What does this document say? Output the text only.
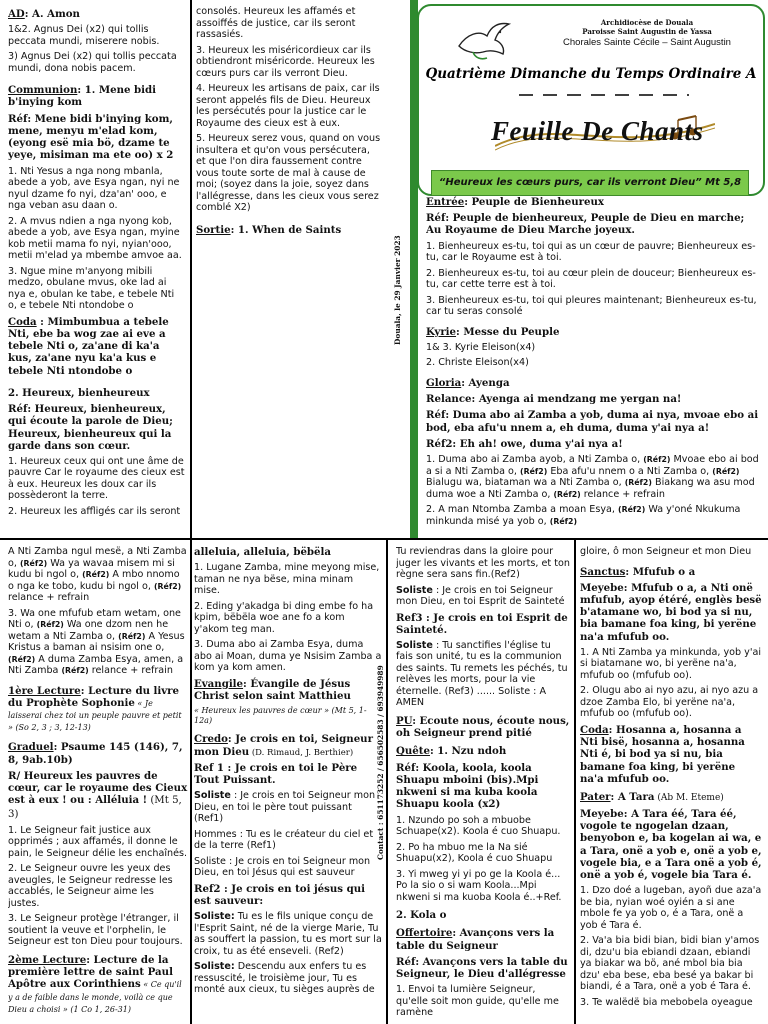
AD: A. Amon

1&2. Agnus Dei (x2) qui tollis peccata mundi, miserere nobis.

3) Agnus Dei (x2) qui tollis peccata mundi, dona nobis pacem.

Communion: 1. Mene bidi b'inying kom

Réf: Mene bidi b'inying kom, mene, menyu m'elad kom, (eyong esë mia bö, dzame te yeye, misiman ma ete oo) x 2

1. Nti Yesus a nga nong mbanla, abede a yob, ave Esya ngan, nyi ne nyul dzame fo nyi, dza'an' ooo, e nga veban asu daan o.

2. A mvus ndien a nga nyong kob, abede a yob, ave Esya ngan, myine kob metii mama fo nyi, nyian'ooo, metii m'elad ya mbembe amvoe aa.

3. Ngue mine m'anyong mibili medzo, obulane mvus, oke lad ai nya e, obulan ke tabe, e tebele Nti o, e tebele Nti ntondobe o

Coda : Mimbumbua a tebele Nti, ebe ba wog zae ai eve a tebele Nti o, za'ane di ka'a kus, za'ane nyu ka'a kus e tebele Nti ntondobe o

2. Heureux, bienheureux

Réf: Heureux, bienheureux, qui écoute la parole de Dieu; Heureux, bienheureux qui la garde dans son cœur.

1. Heureux ceux qui ont une âme de pauvre Car le royaume des cieux est à eux. Heureux les doux car ils possèderont la terre.

2. Heureux les affligés car ils seront

consolés. Heureux les affamés et assoiffés de justice, car ils seront rassasiés.

3. Heureux les miséricordieux car ils obtiendront miséricorde. Heureux les cœurs purs car ils verront Dieu.

4. Heureux les artisans de paix, car ils seront appelés fils de Dieu. Heureux les persécutés pour la justice car le Royaume des cieux est à eux.

5. Heureux serez vous, quand on vous insultera et qu'on vous persécutera, et que l'on dira faussement contre vous toute sorte de mal à cause de moi; (soyez dans la joie, soyez dans l'allégresse, dans les cieux vous serez comblé X2)

Sortie: 1. When de Saints

Archidiocèse de Douala
Paroisse Saint Augustin de Yassa
Chorales Sainte Cécile – Saint Augustin
Quatrième Dimanche du Temps Ordinaire A
Feuille De Chants
“Heureux les cœurs purs, car ils verront Dieu” Mt 5,8
Douala, le 29 Janvier 2023

Entrée: Peuple de Bienheureux

Réf: Peuple de bienheureux, Peuple de Dieu en marche; Au Royaume de Dieu Marche joyeux.

1. Bienheureux es-tu, toi qui as un cœur de pauvre; Bienheureux es-tu, car le Royaume est à toi.

2. Bienheureux es-tu, toi au cœur plein de douceur; Bienheureux es-tu, car cette terre est à toi.

3. Bienheureux es-tu, toi qui pleures maintenant; Bienheureux es-tu, car tu seras consolé

Kyrie: Messe du Peuple

1& 3. Kyrie Eleison(x4)

2. Christe Eleison(x4)

Gloria: Ayenga

Relance: Ayenga ai mendzang me yergan na!

Réf: Duma abo ai Zamba a yob, duma ai nya, mvoae ebo ai bod, eba afu'u nnem a, eh duma, duma y'ai nya a!

Réf2: Eh ah! owe, duma y'ai nya a!

1. Duma abo ai Zamba ayob, a Nti Zamba o, (Réf2) Mvoae ebo ai bod a si a Nti Zamba o, (Réf2) Eba afu'u nnem o a Nti Zamba o, (Réf2) Bialugu wa, biataman wa a Nti Zamba o, (Réf2) Biakang wa asu mod duma woe a Nti Zamba o, (Réf2) relance + refrain

2. A man Ntomba Zamba a moan Esya, (Réf2) Wa y'oné Nkukuma minkunda misé ya yob o, (Réf2)

A Nti Zamba ngul mesë, a Nti Zamba o, (Réf2) Wa ya wavaa misem mi si kudu bi ngol o, (Réf2) A mbo nnomo o nga ke tobo, kudu bi ngol o, (Réf2) relance + refrain

3. Wa one mfufub etam wetam, one Nti o, (Réf2) Wa one dzom nen he wetam a Nti Zamba o, (Réf2) A Yesus Kristus a baman ai nsisim one o, (Réf2) A duma Zamba Esya, amen, a Nti Zamba (Réf2) relance + refrain

1ère Lecture: Lecture du livre du Prophète Sophonie « Je laisserai chez toi un peuple pauvre et petit » (So 2, 3 ; 3, 12-13)

Graduel: Psaume 145 (146), 7, 8, 9ab.10b)

R/ Heureux les pauvres de cœur, car le royaume des Cieux est à eux ! ou : Alléluia ! (Mt 5, 3)

1. Le Seigneur fait justice aux opprimés ; aux affamés, il donne le pain, le Seigneur délie les enchaînés.

2. Le Seigneur ouvre les yeux des aveugles, le Seigneur redresse les accablés, le Seigneur aime les justes.

3. Le Seigneur protège l'étranger, il soutient la veuve et l'orphelin, le Seigneur est ton Dieu pour toujours.

2ème Lecture: Lecture de la première lettre de saint Paul Apôtre aux Corinthiens « Ce qu'il y a de faible dans le monde, voilà ce que Dieu a choisi » (1 Co 1, 26-31)

alleluia, alleluia, bëbëla

1. Lugane Zamba, mine meyong mise, taman ne nya bëse, mina minam mise.

2. Eding y'akadga bi ding embe fo ha kpim, bëbëla woe ane fo a kom y'akom teg man.

3. Duma abo ai Zamba Esya, duma abo ai Moan, duma ye Nsisim Zamba a kom ya kom amen.

Evangile: Évangile de Jésus Christ selon saint Matthieu

« Heureux les pauvres de cœur » (Mt 5, 1-12a)

Credo: Je crois en toi, Seigneur mon Dieu (D. Rimaud, J. Berthier)

Ref 1 : Je crois en toi le Père Tout Puissant.

Soliste : Je crois en toi Seigneur mon Dieu, en toi le père tout puissant (Ref1)

Hommes : Tu es le créateur du ciel et de la terre (Ref1)

Soliste : Je crois en toi Seigneur mon Dieu, en toi Jésus qui est sauveur

Ref2 : Je crois en toi jésus qui est sauveur:

Soliste: Tu es le fils unique conçu de l'Esprit Saint, né de la vierge Marie, Tu as souffert la passion, tu es mort sur la croix, tu as été enseveli. (Ref2)

Soliste: Descendu aux enfers tu es ressuscité, le troisième jour, Tu es monté aux cieux, tu sièges auprès de

Contact : 651173252 / 656502583 / 693949989

Tu reviendras dans la gloire pour juger les vivants et les morts, et ton règne sera sans fin.(Ref2)

Soliste : Je crois en toi Seigneur mon Dieu, en toi Esprit de Sainteté

Ref3 : Je crois en toi Esprit de Sainteté.

Soliste : Tu sanctifies l'église tu fais son unité, tu es la communion des saints. Tu remets les péchés, tu relèves les morts, pour la vie éternelle. (Ref3) ...... Soliste : A AMEN

PU: Ecoute nous, écoute nous, oh Seigneur prend pitié

Quête: 1. Nzu ndoh

Réf: Koola, koola, koola Shuapu mboini (bis).Mpi nkweni si ma kuba koola Shuapu koola (x2)

1. Nzundo po soh a mbuobe Schuape(x2). Koola é cuo Shuapu.

2. Po ha mbuo me la Na sié Shuapu(x2), Koola é cuo Shuapu

3. Yi mweg yi yi po ge la Koola é... Po la sio o si wam Koola...Mpi nkweni si ma kuoba Koola é..+Ref.

2. Kola o

Offertoire: Avançons vers la table du Seigneur

Réf: Avançons vers la table du Seigneur, le Dieu d'allégresse

1. Envoi ta lumière Seigneur, qu'elle soit mon guide, qu'elle me ramène

gloire, ô mon Seigneur et mon Dieu

Sanctus: Mfufub o a

Meyebe: Mfufub o a, a Nti onë mfufub, ayop étéré, englès besë b'atamane wo, bi bod ya si nu, bia bamane foa king, bi yerëne na'a mfufub oo.

1. A Nti Zamba ya minkunda, yob y'ai si biatamane wo, bi yerëne na'a, mfufub oo (mfufub oo).

2. Olugu abo ai nyo azu, ai nyo azu a dzoe Zamba Elo, bi yerëne na'a, mfufub oo (mfufub oo).

Coda: Hosanna a, hosanna a Nti bisë, hosanna a, hosanna Nti é, bi bod ya si nu, bia bamane foa king, bi yerëne na'a mfufub oo.

Pater: A Tara (Ab M. Eteme)

Meyebe: A Tara éé, Tara éé, vogole te ngogelan dzaan, benyobon e, ba kogelan ai wa, e a Tara, onë a yob e, onë a yob e, vogele bia, e a Tara onë a yob é, onë a yob é, vogele bia Tara é.

1. Dzo doé a lugeban, ayoñ due aza'a be bia, nyian woé oyién a si ane mbole fe ya yob o, é a Tara, onë a yob é Tara é.

2. Va'a bia bidi bian, bidi bian y'amos di, dzu'u bia ebiandi dzaan, ebiandi ya biakar wa bö, ané mbol bia bia dzu' eba bese, eba besé ya bakar bi biandi, é a Tara, onë a yob é Tara é.

3. Te walëdë bia mebobela oyeague
